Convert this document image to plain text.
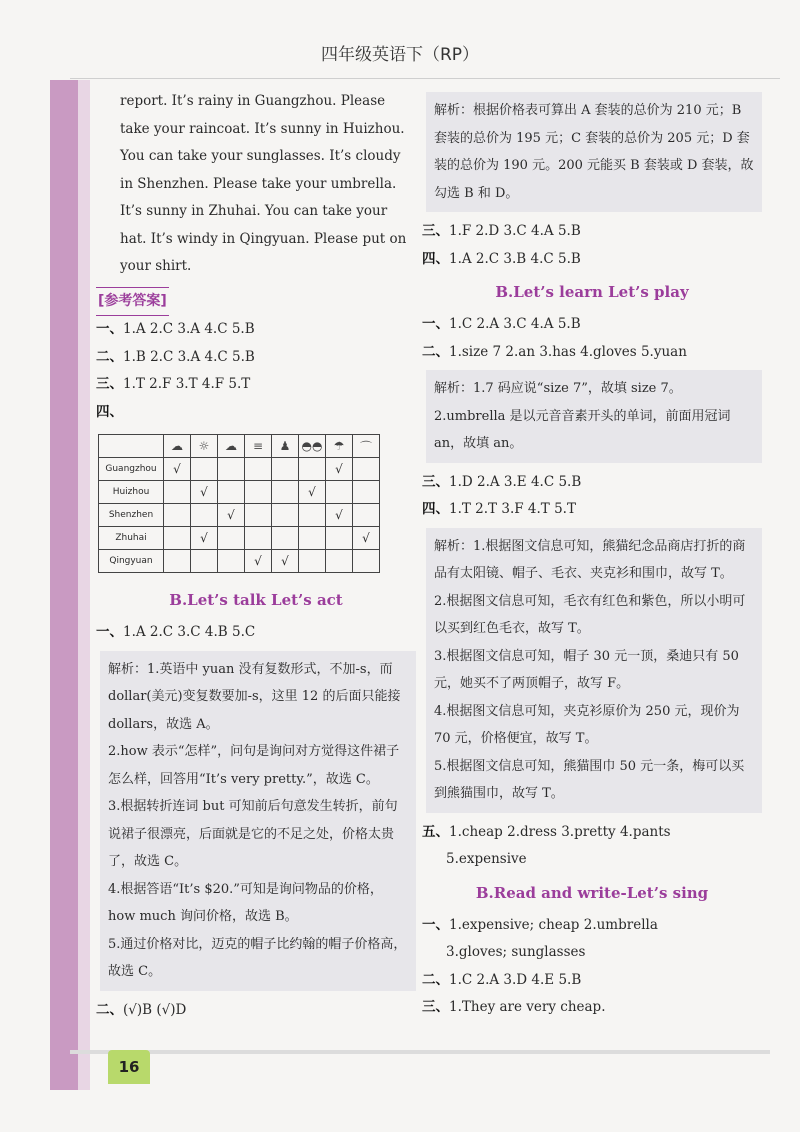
四年级英语下（RP）

report. It’s rainy in Guangzhou. Please take your raincoat. It’s sunny in Huizhou. You can take your sunglasses. It’s cloudy in Shenzhen. Please take your umbrella. It’s sunny in Zhuhai. You can take your hat. It’s windy in Qingyuan. Please put on your shirt.

[参考答案]
一、1.A 2.C 3.A 4.C 5.B
二、1.B 2.C 3.A 4.C 5.B
三、1.T 2.F 3.T 4.F 5.T
四、
	☁	☼	☁	≡	♟	◓◓	☂	⌒
Guangzhou	√						√	
Huizhou		√				√		
Shenzhen			√				√	
Zhuhai		√						√
Qingyuan				√	√			
B.Let’s talk Let’s act
一、1.A 2.C 3.C 4.B 5.C

解析：1.英语中 yuan 没有复数形式，不加-s，而 dollar(美元)变复数要加-s，这里 12 的后面只能接 dollars，故选 A。

2.how 表示“怎样”，问句是询问对方觉得这件裙子怎么样，回答用“It’s very pretty.”，故选 C。

3.根据转折连词 but 可知前后句意发生转折，前句说裙子很漂亮，后面就是它的不足之处，价格太贵了，故选 C。

4.根据答语“It’s $20.”可知是询问物品的价格，how much 询问价格，故选 B。

5.通过价格对比，迈克的帽子比约翰的帽子价格高，故选 C。

二、(√)B (√)D

解析：根据价格表可算出 A 套装的总价为 210 元；B 套装的总价为 195 元；C 套装的总价为 205 元；D 套装的总价为 190 元。200 元能买 B 套装或 D 套装，故勾选 B 和 D。

三、1.F 2.D 3.C 4.A 5.B
四、1.A 2.C 3.B 4.C 5.B
B.Let’s learn Let’s play
一、1.C 2.A 3.C 4.A 5.B
二、1.size 7 2.an 3.has 4.gloves 5.yuan

解析：1.7 码应说“size 7”，故填 size 7。

2.umbrella 是以元音音素开头的单词，前面用冠词 an，故填 an。

三、1.D 2.A 3.E 4.C 5.B
四、1.T 2.T 3.F 4.T 5.T

解析：1.根据图文信息可知，熊猫纪念品商店打折的商品有太阳镜、帽子、毛衣、夹克衫和围巾，故写 T。

2.根据图文信息可知，毛衣有红色和紫色，所以小明可以买到红色毛衣，故写 T。

3.根据图文信息可知，帽子 30 元一顶，桑迪只有 50 元，她买不了两顶帽子，故写 F。

4.根据图文信息可知，夹克衫原价为 250 元，现价为 70 元，价格便宜，故写 T。

5.根据图文信息可知，熊猫围巾 50 元一条，梅可以买到熊猫围巾，故写 T。

五、1.cheap 2.dress 3.pretty 4.pants
5.expensive
B.Read and write-Let’s sing
一、1.expensive; cheap 2.umbrella
3.gloves; sunglasses
二、1.C 2.A 3.D 4.E 5.B
三、1.They are very cheap.
16
